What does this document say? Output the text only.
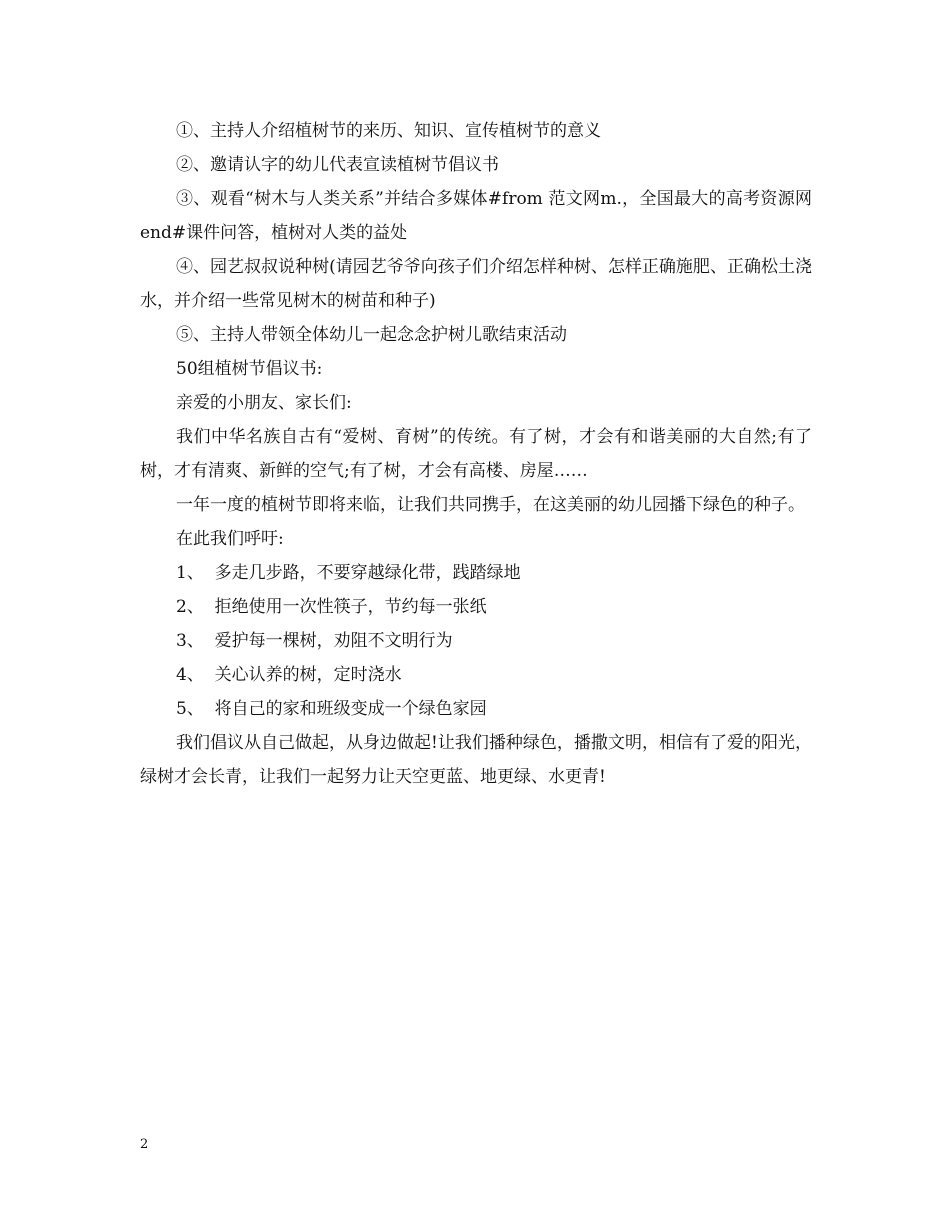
①、主持人介绍植树节的来历、知识、宣传植树节的意义

②、邀请认字的幼儿代表宣读植树节倡议书

③、观看“树木与人类关系”并结合多媒体#from 范文网m.，全国最大的高考资源网  end#课件问答，植树对人类的益处

④、园艺叔叔说种树(请园艺爷爷向孩子们介绍怎样种树、怎样正确施肥、正确松土浇水，并介绍一些常见树木的树苗和种子)

⑤、主持人带领全体幼儿一起念念护树儿歌结束活动

50组植树节倡议书:

亲爱的小朋友、家长们:

我们中华名族自古有“爱树、育树”的传统。有了树，才会有和谐美丽的大自然;有了树，才有清爽、新鲜的空气;有了树，才会有高楼、房屋……

一年一度的植树节即将来临，让我们共同携手，在这美丽的幼儿园播下绿色的种子。

在此我们呼吁:

1、  多走几步路，不要穿越绿化带，践踏绿地

2、  拒绝使用一次性筷子，节约每一张纸

3、  爱护每一棵树，劝阻不文明行为

4、  关心认养的树，定时浇水

5、  将自己的家和班级变成一个绿色家园

我们倡议从自己做起，从身边做起!让我们播种绿色，播撒文明，相信有了爱的阳光，绿树才会长青，让我们一起努力让天空更蓝、地更绿、水更青!

2
